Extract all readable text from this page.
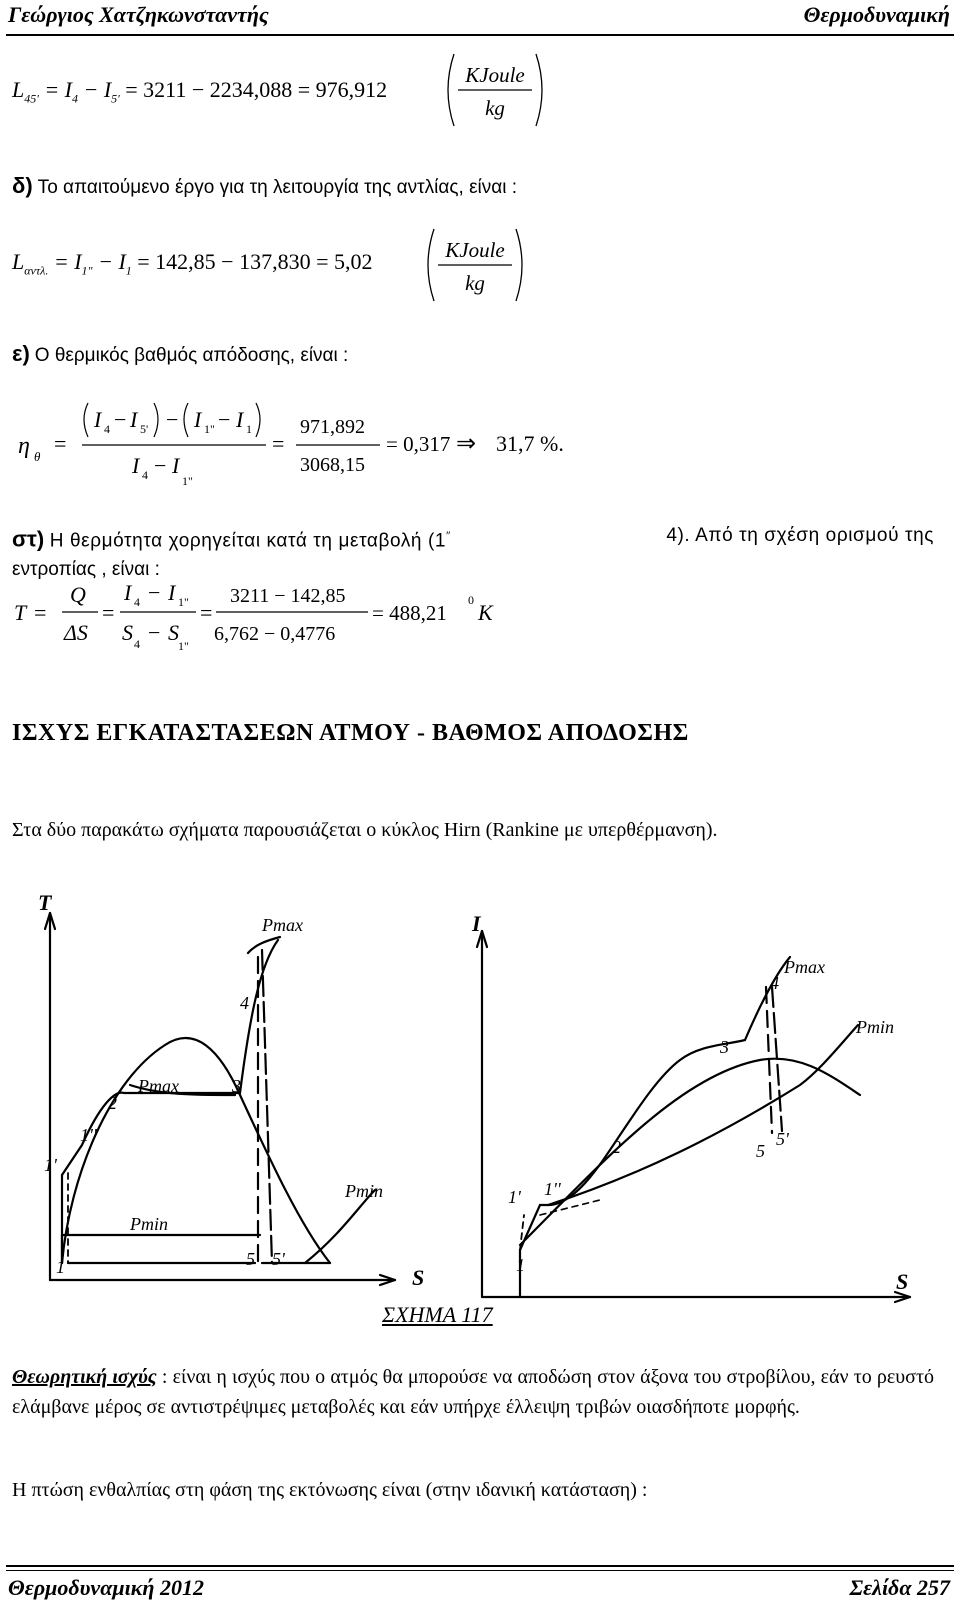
Γεώργιος Χατζηκωνσταντής	Θερμοδυναμική
$L_{45'} = I_4 - I_{5'} = 3211 - 2234,088 = 976,912$
KJoule
kg
δ) Το απαιτούμενο έργο για τη λειτουργία της αντλίας, είναι :
$L_{\alpha\nu\tau\lambda.} = I_{1"} - I_1 = 142,85 - 137,830 = 5,02$	KJoule
kg
ε) Ο θερμικός βαθμός απόδοσης, είναι :
η θ
=
I 4 − I 5' − I 1" − I 1
I 4 − I
1"
=
971,892
3068,15
= 0,317 ⇒ 31,7 %.
στ) Η θερμότητα χορηγείται κατά τη μεταβολή (1′′	4). Από τη σχέση ορισμού της
εντροπίας , είναι :
T =
Q
ΔS
=
I 4 − I 1"
S 4 − S
1"
=
3211 − 142,85
6,762 − 0,4776
= 488,21
0 K
ΙΣΧΥΣ ΕΓΚΑΤΑΣΤΑΣΕΩΝ ΑΤΜΟΥ - ΒΑΘΜΟΣ ΑΠΟΔΟΣΗΣ
Στα δύο παρακάτω σχήματα παρουσιάζεται ο κύκλος Hirn (Rankine με υπερθέρμανση).
T
S
1
1'
1''
2
3
4
5 5'
Pmax
Pmax
Pmin
Pmin
I
S
1
1' 1''
2
3
4
5
5'
Pmax
Pmin
ΣΧΗΜΑ 117
Θεωρητική ισχύς : είναι η ισχύς που ο ατμός θα μπορούσε να αποδώση στον άξονα του στροβίλου, εάν το ρευστό ελάμβανε μέρος σε αντιστρέψιμες μεταβολές και εάν υπήρχε έλλειψη τριβών οιασδήποτε μορφής.
Η πτώση ενθαλπίας στη φάση της εκτόνωσης είναι (στην ιδανική κατάσταση) :
Θερμοδυναμική 2012	Σελίδα 257
